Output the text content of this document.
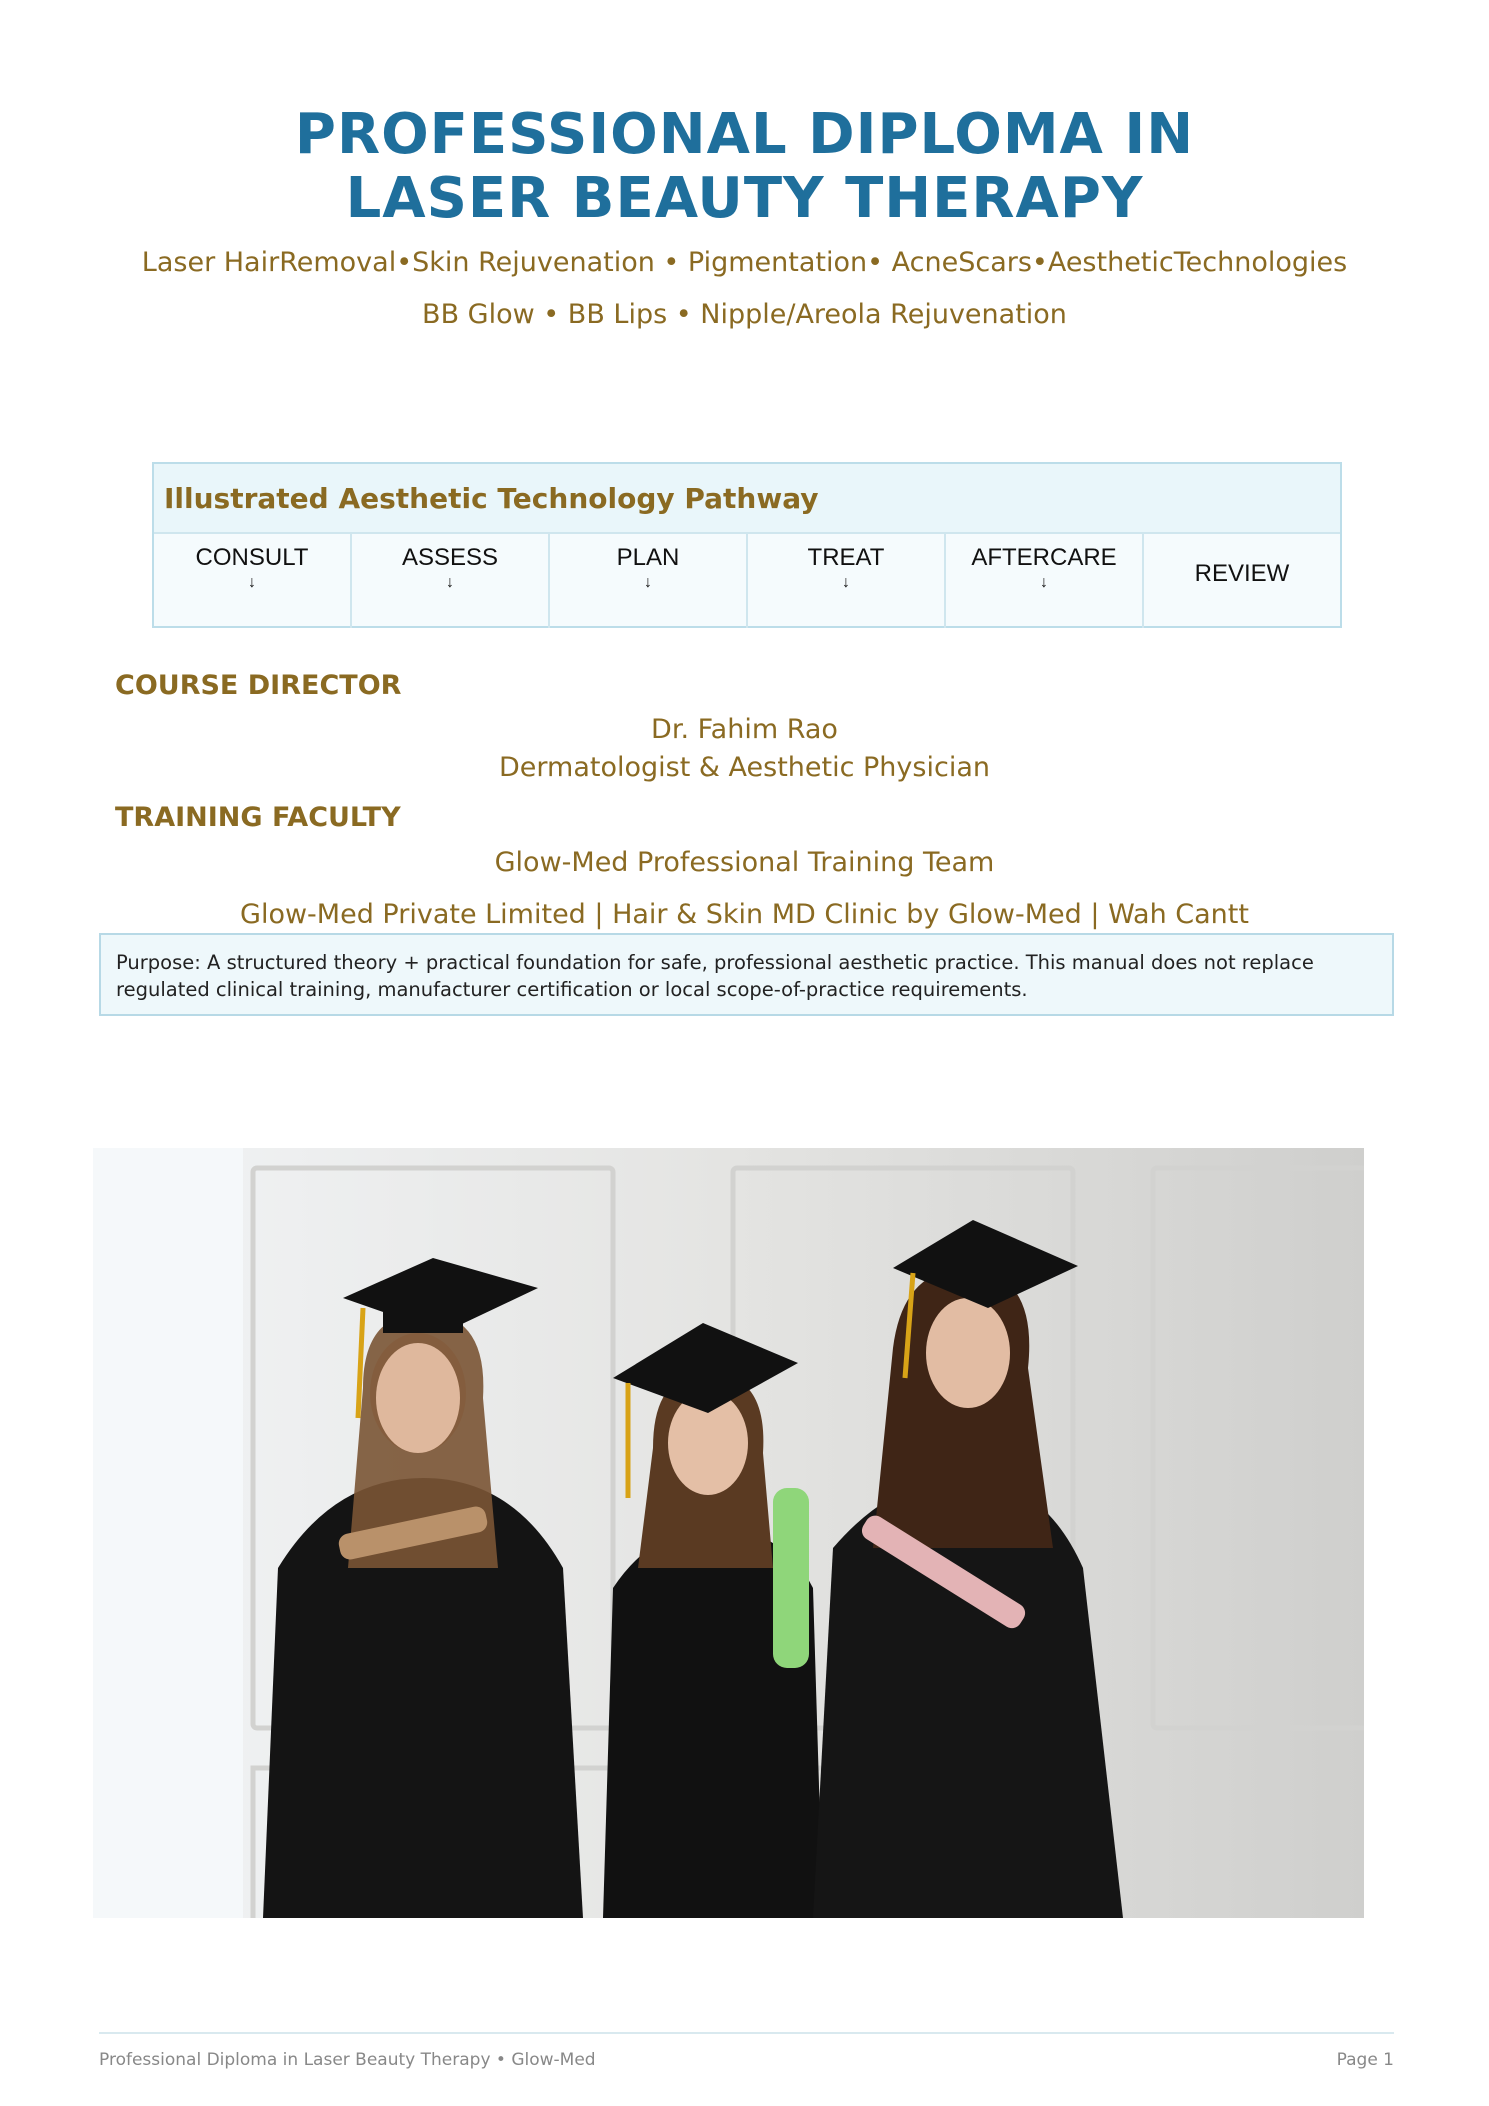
PROFESSIONAL DIPLOMA IN
LASER BEAUTY THERAPY
Laser HairRemoval•Skin Rejuvenation • Pigmentation• AcneScars•AestheticTechnologies
BB Glow • BB Lips • Nipple/Areola Rejuvenation
Illustrated Aesthetic Technology Pathway
CONSULT
↓
ASSESS
↓
PLAN
↓
TREAT
↓
AFTERCARE
↓	REVIEW
COURSE DIRECTOR
Dr. Fahim Rao
Dermatologist & Aesthetic Physician
TRAINING FACULTY
Glow-Med Professional Training Team
Glow-Med Private Limited | Hair & Skin MD Clinic by Glow-Med | Wah Cantt
Purpose: A structured theory + practical foundation for safe, professional aesthetic practice. This manual does not replace regulated clinical training, manufacturer certification or local scope-of-practice requirements.
Professional Diploma in Laser Beauty Therapy • Glow-Med	Page 1
